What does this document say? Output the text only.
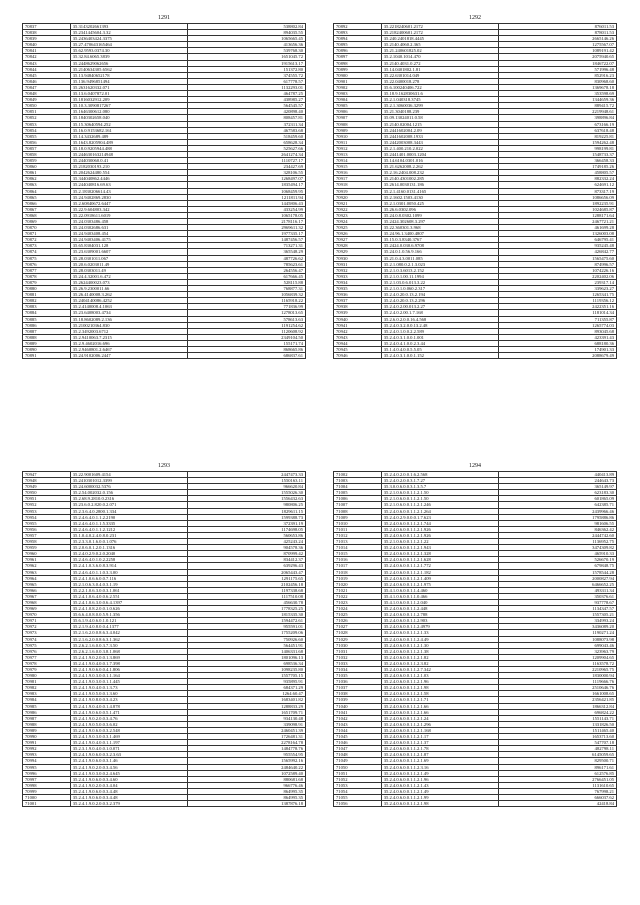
1291
70837	35.3143202661393	538802.84
70838	35.2341445604.3.32	894035.55
70839	35.2436403424.3375	1065665.45
70840	35.27.470643165464	413656.36
70841	35.62.9593.0374.30	539768.30
70842	35.32.84.6065.3839	1651045.72
70843	35.2448629062656	1915613.17
70844	35.2140634305.6562	151372.80
70845	35.13.94840652178	374555.72
70846	35.136.9496851494	617778.57
70847	35.2631620332.071	1132293.01
70848	35.13.6.0407872.01	464787.25
70849	35.1816032912.209	438985.27
70850	35.10.3.3090817267	564545.57
70851	35.1646300612.080	420898.40
70852	35.1840302658.040	808457.81
70853	35.15.30640594.252	372311.34
70854	35.16.0.9153682.161	467583.68
70855	35.14.3432689.489	518459.60
70856	35.1643.8205904.489	658628.34
70857	35.18.0.9205944.488	525627.66
70858	35.244630163214948	2641274.34
70859	35.244030060.0.41	1110727.17
70860	35.2182030193.210	234427.69
70861	35.2042624480.554	328106.55
70862	35.344040862.4446	1268497.07
70863	35.244040816.69.63	1835494.17
70864	35.2.1830206614.43	1068459.95
70865	35.24.9402869.2830	1211811.94
70866	35.2.60840672.6447	1445806.43
70867	35.22.9.604803.342	433254.99
70868	35.22.0918611.6019	1065178.05
70869	35.24.0303486.458	2178116.17
70870	35.24.0302686.631	2969611.32
70871	35.24.9403408.454	1977335.17
70872	35.24.9403406.4175	1487456.57
70873	35.65.8304031.128	713271.31
70874	35.23.6309001.6607	365548.29
70875	35.28.0301011.067	487726.62
70876	35.20.6.0203011.49	785623.61
70877	35.28.0303011.49	264556.47
70878	35.24.4.32001.6.472	617666.45
70879	35.2624400023.073	528115.88
70880	35.26.9.2300011.66	768877.31
70881	35.26.4140008.3.262	1056839.32
70882	35.2404140086.4252	1165918.22
70883	35.2.4140008.4.1063	771836.99
70884	35.23.6408003.4734	1278013.65
70885	35.18.8602089.2.136	578613.63
70886	35.2100210364.830	1191254.62
70887	35.2.3492003.6712	1120608.92
70888	35.2.9410063.7.2315	2349104.50
70889	35.2.9.4602016.696	155171.74
70890	35.2.9460801.2.6467	868665.86
70891	35.24.9102006.2447	686837.61
1292
70892	35.2218240601.2172	876011.53
70893	35.2182400601.2172	878011.53
70894	35.240.2401818.4445	2665146.26
70895	35.2140.4060.2.365	1275567.07
70896	35.21.240601825.02	1089191.42
70897	35.2.1040.1014.470	2075940.65
70898	35.2140.4031.0.272	1846722.07
70899	35.14.0401802.1.81	571996.48
70900	35.22.6301014.049	852916.23
70901	35.22.0400018.278	830968.60
70902	35.6.100240406.722	1369678.18
70903	35.18.9.162830631.6	353598.69
70904	35.2.1.040318.3745	1344659.36
70905	35.2.1.3060036.3299	889415.72
70906	35.21.3040188.239	2219948.61
70907	35.09.13024011.0.58	398896.84
70908	35.2140.02004.1215	673166.19
70909	35.2441602004.2.09	637618.48
70910	35.2441602008.1933	819225.81
70911	35.2442003008.3443	1594262.48
70912	35.2.1.400.210.2.022	998199.81
70913	35.2441401.0003.1204	1548733.37
70914	35.14.6104.0301.016	366458.33
70915	35.21.6262008.2.262	1749185.26
70916	35.2.16.2404.008.232	458805.57
70917	35.2140.4301002.285	882332.24
70918	35.2614.0030131.186	624691.12
70919	35.2.1.4160.0131.4165	873317.19
70920	35.2.1602.1503.4130	1086656.09
70921	35.2.1.0301.0050.425	1892235.91
70922	35.26.6.0302.096	1024685.87
70923	35.24.0.8.0302.1099	1288171.64
70924	35.2424.302608.3.297	2467721.21
70925	35.22.360301.3.968	461699.28
70926	35.24.96.1.3400.4807	1326003.08
70927	35.15.0.3.8340.3767	646795.41
70928	35.2424.0.030.6.9708	935245.48
70929	35.24.0.1.0.56.9.166	426842.77
70930	35.21.0.4.3.0011.085	1565475.60
70931	35.2.1.080.0.2.1.3.023	874996.57
70932	35.2.1.0.3.6013.2.152	1074226.16
70933	35.2.1.0.1.00.11.1994	2202402.06
70934	35.2.1.03.0.6.013.3.22	239317.14
70935	35.2.1.0.1.0.060.2.317	339623.27
70936	35.2.4.0.20.0.13.2.194	1265341.75
70937	35.2.4.0.20.0.13.2.296	1119356.12
70938	35.2.4.0.2.00.013.2.27	2422351.16
70939	35.2.4.0.2.00.1.7.168	1181014.34
70940	35.2.6.0.2.0.0.16.4.568	711355.87
70941	35.2.4.0.3.2.0.0.13.2.48	1265774.03
70942	35.2.4.0.1.0.0.2.2.589	893045.68
70943	35.2.4.0.3.1.0.0.1.001	423391.43
70944	35.2.4.0.4.1.0.0.2.3.44	688180.36
70945	35.1.4.0.4.0.0.5.5.05	174901.33
70946	35.2.4.0.3.1.0.0.1.152	2088679.49
1293
70947	35.22.9001609.4154	2447473.33
70948	35.2410301012.3399	1550163.11
70949	35.24.6000032.5376	966620.84
70950	35.2.54.002032.0.156	1555026.30
70951	35.2.68.9.2810.0.2316	1556432.63
70952	35.23.6.0.2.820.0.2.071	980806.25
70953	35.2.3.6.4.0.2800.1.334	1829611.15
70954	35.2.4.6.4.0.1.1.2.2190	1599388.73
70955	35.2.4.6.4.0.1.1.5.3335	372391.19
70956	35.2.4.6.4.0.1.1.2.1212	1174698.05
70957	35.1.0.4.0.2.4.0.8.0.231	560653.86
70958	35.2.3.3.0.1.6.0.0.1.076	425243.24
70959	35.2.0.6.0.1.2.0.1.1316	904578.36
70960	35.2.4.0.2.9.0.2.0.2040	870999.42
70961	35.2.4.6.4.0.1.0.2.2258	834412.37
70962	35.2.4.1.0.3.6.0.8.3.914	639296.43
70963	35.2.4.6.4.0.1.1.0.3.3.00	2065443.47
70964	35.2.4.1.0.6.6.0.0.7.116	1291175.65
70965	35.2.1.0.6.3.0.4.0.3.1.19	2102456.18
70966	35.2.2.1.0.6.3.0.0.3.1.061	1197338.68
70967	35.2.4.1.0.6.4.0.0.6.2.551	1117510.08
70968	35.2.4.1.0.6.3.0.0.6.4.1397	456630.78
70969	35.2.4.1.0.8.2.0.0.1.0.626	1778325.25
70970	35.6.6.4.0.8.0.0.5.9.1.356	1815335.30
70971	35.6.1.9.4.0.6.0.1.0.121	1594472.61
70972	35.2.1.9.4.0.8.0.0.4.1377	955591.01
70973	35.2.1.6.2.0.0.8.6.3.4.042	1755209.06
70974	35.2.1.6.2.0.0.8.6.3.1.362	750926.60
70975	35.2.6.2.1.6.0.0.3.7.3.50	564451.91
70976	35.2.6.2.1.6.0.0.3.8.1.068	1406331.68
70977	35.2.4.1.9.0.2.0.0.1.3.869	1801096.13
70978	35.2.4.1.9.0.4.0.0.1.7.398	698536.34
70979	35.2.4.1.9.0.6.0.0.4.1.806	1098235.80
70980	35.2.4.1.9.0.3.0.0.1.1.164	1557705.15
70981	35.2.4.1.9.0.3.0.0.1.1.445	935895.91
70982	35.2.4.1.9.0.4.0.0.1.3.73	684371.29
70983	35.2.4.1.9.0.5.0.0.1.3.60	1264.60.47
70984	35.2.4.1.9.0.8.0.0.3.4.23	1683401.82
70985	35.2.4.1.9.0.4.0.0.1.4.878	1288833.29
70986	35.2.4.1.9.0.6.0.0.5.1.471	1651709.71
70987	35.2.4.1.9.0.2.0.0.3.4.76	934130.48
70988	35.2.4.1.9.0.5.0.0.3.6.02	339098.91
70989	35.2.4.1.9.0.6.0.0.3.2.548	2460451.39
70990	35.2.4.1.9.0.3.0.0.3.1.469	1726481.31
70991	35.2.4.1.9.0.4.0.0.1.1.197	2278164.78
70992	35.2.3.1.9.0.4.0.0.1.0.071	1484778.76
70993	35.2.4.1.9.0.6.0.0.3.2.3.63	955554.95
70994	35.2.4.1.9.0.6.0.0.3.1.46	1565992.16
70995	35.2.4.1.9.0.2.0.0.3.4.56	2484640.22
70996	35.2.4.1.9.0.3.0.0.2.4.645	1072589.40
70997	35.2.4.1.9.0.6.0.0.3.4.60	880681.68
70998	35.2.4.1.9.0.2.0.0.3.4.04	966776.46
70999	35.2.4.1.9.0.6.0.0.3.4.48	864995.35
71000	35.2.4.1.9.0.6.0.0.3.4.48	864995.35
71001	35.2.4.1.9.0.2.0.0.3.2.379	1387876.18
1294
71002	35.2.4.0.2.0.0.1.6.2.568	440413.89
71003	35.2.4.0.2.0.0.3.1.7.27	244643.73
71004	35.3.0.0.6.0.0.3.1.3.5.7	365149.97
71005	35.2.1.0.6.0.0.1.1.2.1.50	623183.30
71006	35.2.1.0.6.0.0.1.1.2.1.50	601865.09
71007	35.2.1.0.6.0.0.1.1.2.1.246	642385.71
71008	35.2.4.0.6.0.0.1.1.2.1.264	2439966.46
71009	35.2.4.0.2.9.0.0.0.1.7.623	1795886.86
71010	35.2.4.0.6.0.0.1.1.2.1.744	981606.55
71011	35.2.4.0.6.0.0.1.1.2.1.926	846362.42
71012	35.2.4.0.6.0.0.1.1.2.1.926	2444742.60
71013	35.2.1.0.6.0.0.1.1.2.1.22	1136952.75
71014	35.2.4.0.6.0.0.1.1.2.1.943	3474309.82
71015	35.2.4.0.6.0.0.1.1.2.1.328	465910.33
71016	35.2.4.0.6.0.0.1.1.2.1.628	526670.19
71017	35.2.4.0.6.0.0.1.1.2.1.772	679848.75
71018	35.2.4.0.6.0.0.1.1.2.1.182	1578544.28
71019	35.2.4.0.6.0.0.1.1.2.1.409	2000827.94
71020	35.2.4.0.6.0.0.1.1.2.1.975	6466652.25
71021	35.4.1.0.6.0.0.1.1.4.460	493311.34
71022	35.4.1.0.6.0.0.1.1.0.466	350376.61
71023	35.4.1.0.6.0.0.1.1.2.040	937778.67
71024	35.2.4.0.6.0.0.1.1.2.448	1134347.57
71025	35.2.4.0.6.0.0.1.1.2.788	1557305.21
71026	35.2.4.0.6.0.0.1.1.2.903	334993.24
71027	35.2.4.0.6.0.0.1.1.2.4979	3436089.20
71028	35.2.4.0.6.0.0.1.1.2.1.33	1190271.24
71029	35.2.4.0.6.0.0.1.1.2.4.49	1088073.98
71030	35.2.4.0.6.0.0.1.1.2.1.30	699043.46
71031	35.2.4.0.6.0.0.1.1.2.1.38	323963.79
71032	35.2.4.0.6.0.0.1.1.2.1.82	1209904.65
71033	35.2.4.0.6.0.0.1.1.2.3.82	1163578.72
71034	35.2.4.0.6.0.0.1.1.2.7.342	2210965.75
71035	35.2.4.0.6.0.0.1.1.2.1.03	1830000.94
71036	35.2.4.0.6.0.0.1.1.2.1.96	1119666.76
71037	35.2.4.0.6.0.0.1.1.2.1.98	2510646.76
71038	35.2.4.0.6.0.0.1.1.2.1.58	1661008.65
71039	35.2.4.0.6.0.0.1.1.2.1.71	2356421.85
71040	35.2.4.0.6.0.0.1.1.2.1.66	1866312.84
71041	35.2.4.0.6.0.0.1.1.2.1.66	696824.22
71042	35.2.4.0.6.0.0.1.1.2.1.24	1551143.71
71043	35.2.4.0.6.0.0.1.1.2.1.296	1331826.50
71044	35.2.4.0.6.0.0.1.1.2.1.168	1511465.40
71045	35.2.4.0.6.0.0.1.1.2.1.17	1653713.60
71046	35.2.4.0.6.0.0.1.1.2.1.37	547707.18
71047	35.2.4.0.6.0.0.1.1.2.1.78	482798.11
71048	35.2.4.0.6.0.0.1.1.2.1.87	6145059.65
71049	35.2.4.0.6.0.0.1.1.2.1.69	829500.71
71050	35.2.4.0.6.0.0.1.1.2.3.16	896171.61
71051	35.2.4.0.6.0.0.1.1.2.1.49	612576.85
71052	35.2.4.0.6.0.0.1.1.2.1.96	2766451.05
71053	35.2.4.0.6.0.0.1.1.2.1.43	1131610.65
71054	35.2.4.0.6.0.0.1.1.2.1.49	767998.21
71055	35.2.4.0.6.0.0.1.1.2.1.99	666037.62
71056	35.2.4.0.6.0.0.1.1.2.1.98	42418.84
